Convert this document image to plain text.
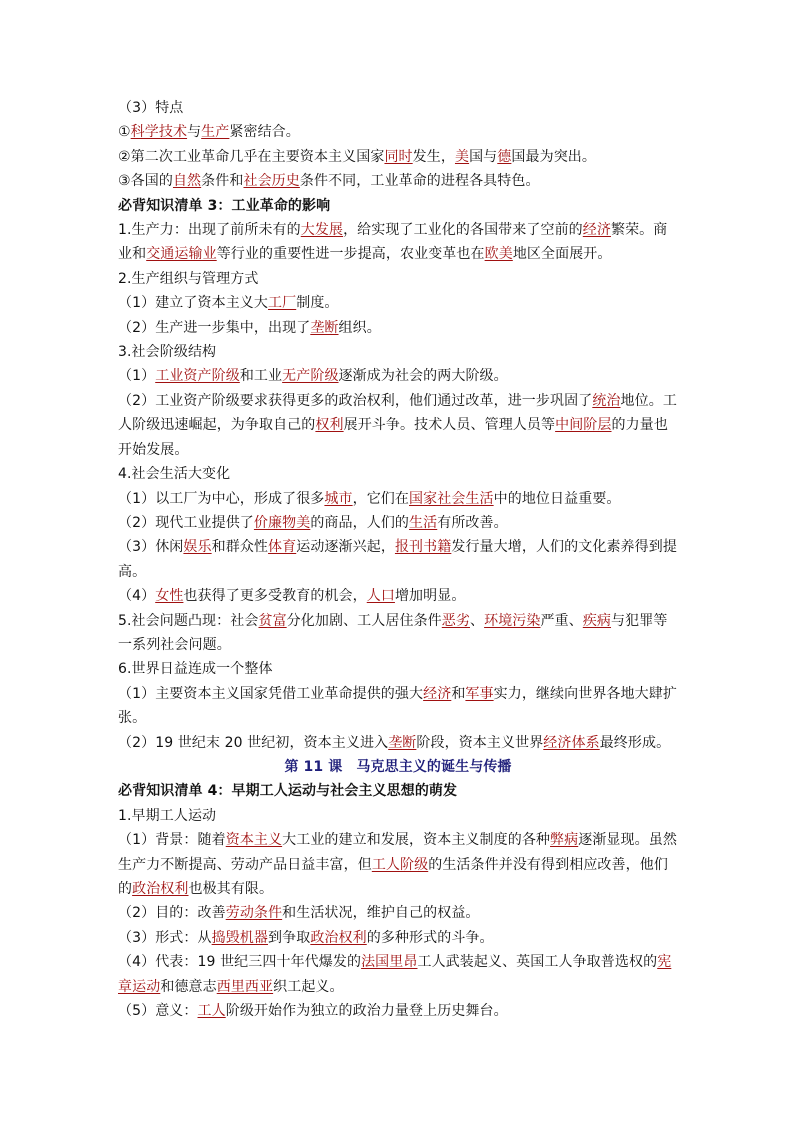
（3）特点
①科学技术与生产紧密结合。
②第二次工业革命几乎在主要资本主义国家同时发生，美国与德国最为突出。
③各国的自然条件和社会历史条件不同，工业革命的进程各具特色。
必背知识清单 3：工业革命的影响
1.生产力：出现了前所未有的大发展，给实现了工业化的各国带来了空前的经济繁荣。商业和交通运输业等行业的重要性进一步提高，农业变革也在欧美地区全面展开。
2.生产组织与管理方式
（1）建立了资本主义大工厂制度。
（2）生产进一步集中，出现了垄断组织。
3.社会阶级结构
（1）工业资产阶级和工业无产阶级逐渐成为社会的两大阶级。
（2）工业资产阶级要求获得更多的政治权利，他们通过改革，进一步巩固了统治地位。工人阶级迅速崛起，为争取自己的权利展开斗争。技术人员、管理人员等中间阶层的力量也开始发展。
4.社会生活大变化
（1）以工厂为中心，形成了很多城市，它们在国家社会生活中的地位日益重要。
（2）现代工业提供了价廉物美的商品，人们的生活有所改善。
（3）休闲娱乐和群众性体育运动逐渐兴起，报刊书籍发行量大增，人们的文化素养得到提高。
（4）女性也获得了更多受教育的机会，人口增加明显。
5.社会问题凸现：社会贫富分化加剧、工人居住条件恶劣、环境污染严重、疾病与犯罪等一系列社会问题。
6.世界日益连成一个整体
（1）主要资本主义国家凭借工业革命提供的强大经济和军事实力，继续向世界各地大肆扩张。
（2）19 世纪末 20 世纪初，资本主义进入垄断阶段，资本主义世界经济体系最终形成。
第 11 课　马克思主义的诞生与传播
必背知识清单 4：早期工人运动与社会主义思想的萌发
1.早期工人运动
（1）背景：随着资本主义大工业的建立和发展，资本主义制度的各种弊病逐渐显现。虽然生产力不断提高、劳动产品日益丰富，但工人阶级的生活条件并没有得到相应改善，他们的政治权利也极其有限。
（2）目的：改善劳动条件和生活状况，维护自己的权益。
（3）形式：从捣毁机器到争取政治权利的多种形式的斗争。
（4）代表：19 世纪三四十年代爆发的法国里昂工人武装起义、英国工人争取普选权的宪章运动和德意志西里西亚织工起义。
（5）意义：工人阶级开始作为独立的政治力量登上历史舞台。
